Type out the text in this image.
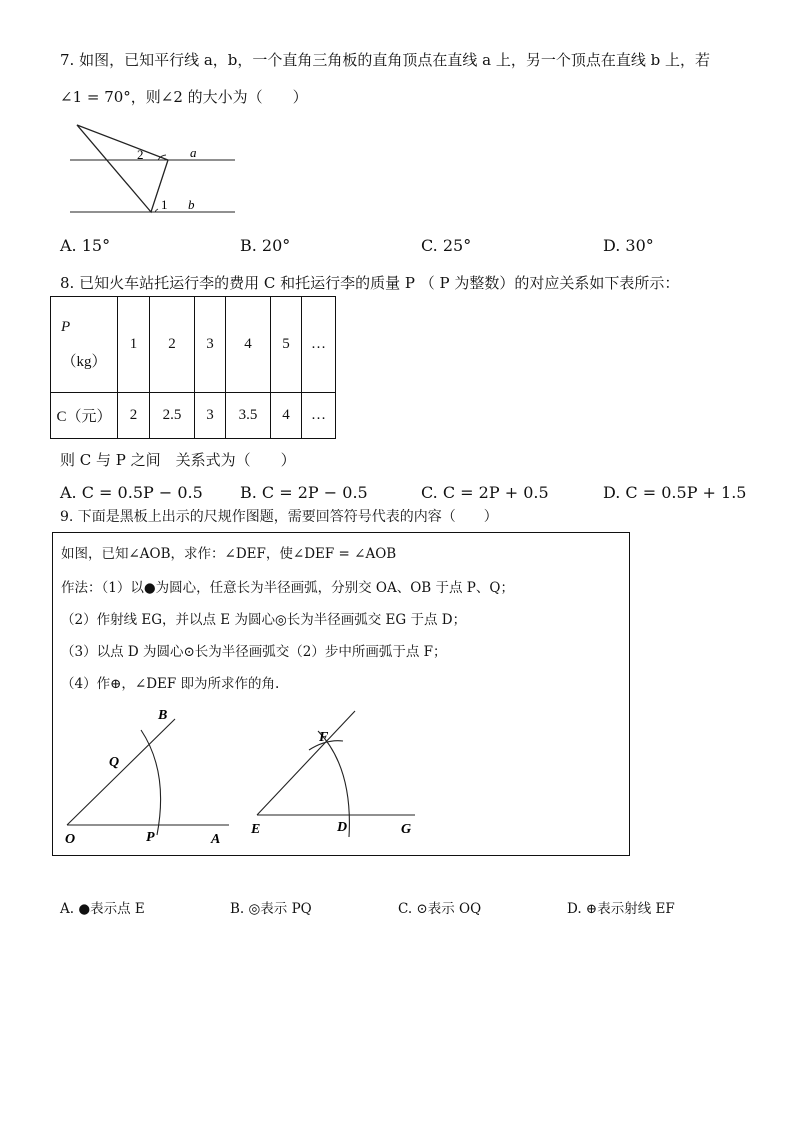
7. 如图，已知平行线 a，b，一个直角三角板的直角顶点在直线 a 上，另一个顶点在直线 b 上，若
∠1 = 70°，则∠2 的大小为（　　）
2
1
a
b
A. 15°	B. 20°	C. 25°	D. 30°
8. 已知火车站托运行李的费用 C 和托运行李的质量 P （ P 为整数）的对应关系如下表所示：
P
（kg）	1	2	3	4	5	…
C（元）	2	2.5	3	3.5	4	…
则 C 与 P 之间　关系式为（　　）
A. C = 0.5P − 0.5 B. C = 2P − 0.5	C. C = 2P + 0.5	D. C = 0.5P + 1.5
9. 下面是黑板上出示的尺规作图题，需要回答符号代表的内容（　　）
如图，已知∠AOB，求作：∠DEF，使∠DEF = ∠AOB
作法：（1）以●为圆心，任意长为半径画弧，分别交 OA、OB 于点 P、Q；
（2）作射线 EG，并以点 E 为圆心◎长为半径画弧交 EG 于点 D；
（3）以点 D 为圆心⊙长为半径画弧交（2）步中所画弧于点 F；
（4）作⊕，∠DEF 即为所求作的角.
O	P	A
Q
B
E	D	G
F
A. ●表示点 E	B. ◎表示 PQ	C. ⊙表示 OQ	D. ⊕表示射线 EF
